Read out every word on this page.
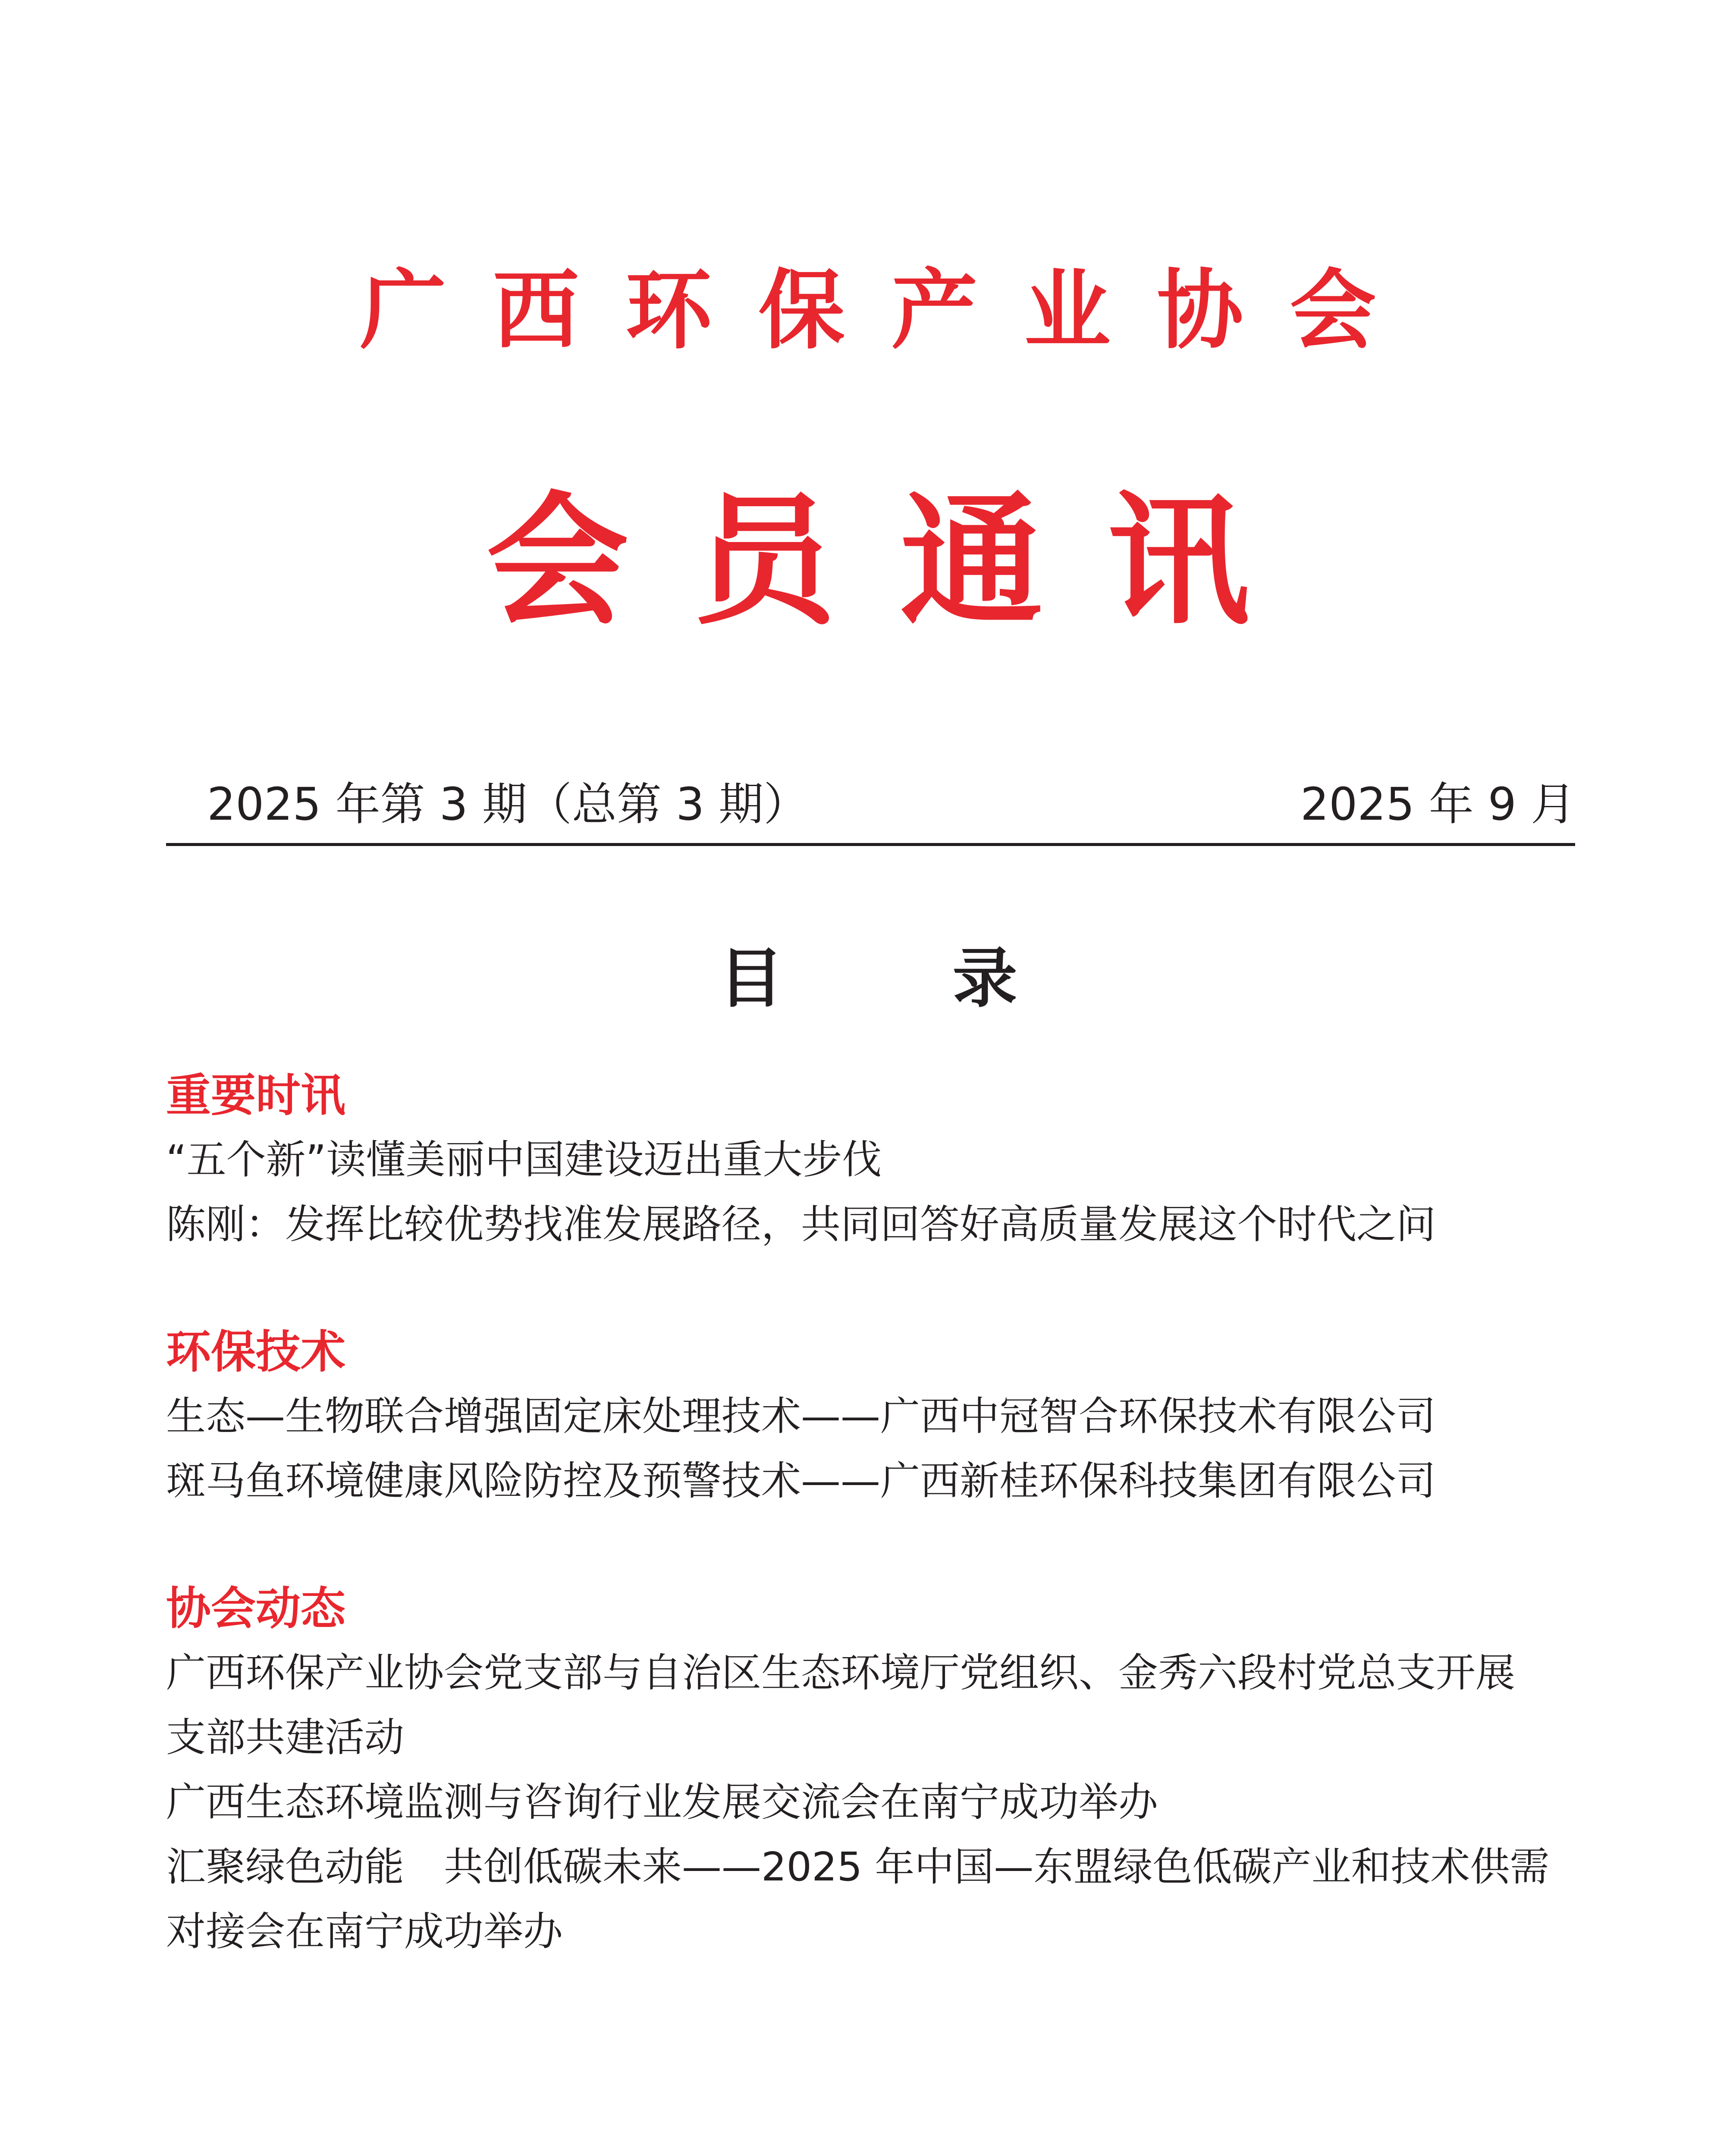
广西环保产业协会
会员通讯
2025 年第 3 期（总第 3 期）	2025 年 9 月
目 录

重要时讯

“五个新”读懂美丽中国建设迈出重大步伐

陈刚：发挥比较优势找准发展路径，共同回答好高质量发展这个时代之问

环保技术

生态—生物联合增强固定床处理技术——广西中冠智合环保技术有限公司

斑马鱼环境健康风险防控及预警技术——广西新桂环保科技集团有限公司

协会动态

广西环保产业协会党支部与自治区生态环境厅党组织、金秀六段村党总支开展

支部共建活动

广西生态环境监测与咨询行业发展交流会在南宁成功举办

汇聚绿色动能　共创低碳未来——2025 年中国—东盟绿色低碳产业和技术供需

对接会在南宁成功举办
